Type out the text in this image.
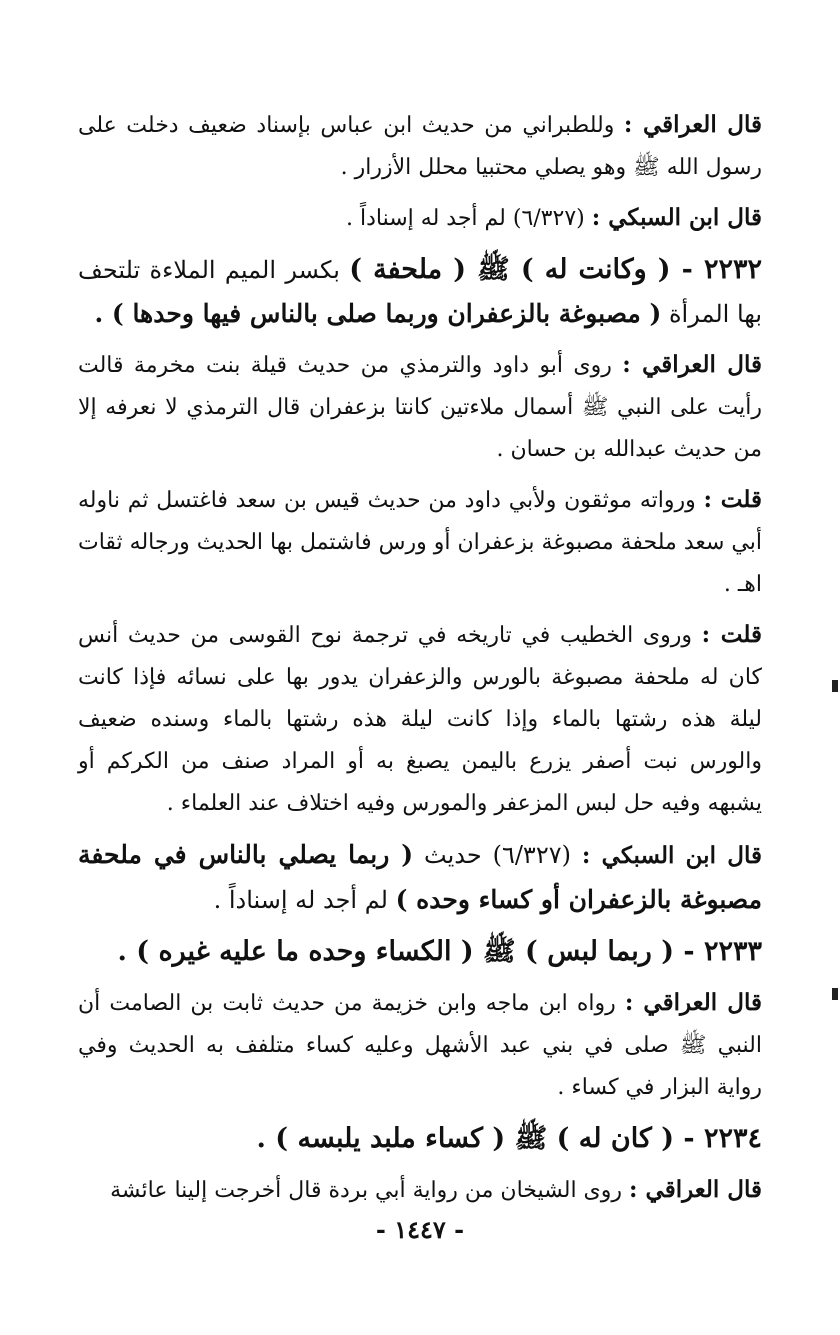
قال العراقي : وللطبراني من حديث ابن عباس بإسناد ضعيف دخلت على رسول الله ﷺ وهو يصلي محتبيا محلل الأزرار .

قال ابن السبكي : (٦/٣٢٧) لم أجد له إسناداً .

٢٢٣٢ - ( وكانت له ) ﷺ ( ملحفة ) بكسر الميم الملاءة تلتحف بها المرأة ( مصبوغة بالزعفران وربما صلى بالناس فيها وحدها ) .

قال العراقي : روى أبو داود والترمذي من حديث قيلة بنت مخرمة قالت رأيت على النبي ﷺ أسمال ملاءتين كانتا بزعفران قال الترمذي لا نعرفه إلا من حديث عبدالله بن حسان .

قلت : ورواته موثقون ولأبي داود من حديث قيس بن سعد فاغتسل ثم ناوله أبي سعد ملحفة مصبوغة بزعفران أو ورس فاشتمل بها الحديث ورجاله ثقات اهـ .

قلت : وروى الخطيب في تاريخه في ترجمة نوح القوسى من حديث أنس كان له ملحفة مصبوغة بالورس والزعفران يدور بها على نسائه فإذا كانت ليلة هذه رشتها بالماء وإذا كانت ليلة هذه رشتها بالماء وسنده ضعيف والورس نبت أصفر يزرع باليمن يصبغ به أو المراد صنف من الكركم أو يشبهه وفيه حل لبس المزعفر والمورس وفيه اختلاف عند العلماء .

قال ابن السبكي : (٦/٣٢٧) حديث ( ربما يصلي بالناس في ملحفة مصبوغة بالزعفران أو كساء وحده ) لم أجد له إسناداً .

٢٢٣٣ - ( ربما لبس ) ﷺ ( الكساء وحده ما عليه غيره ) .

قال العراقي : رواه ابن ماجه وابن خزيمة من حديث ثابت بن الصامت أن النبي ﷺ صلى في بني عبد الأشهل وعليه كساء متلفف به الحديث وفي رواية البزار في كساء .

٢٢٣٤ - ( كان له ) ﷺ ( كساء ملبد يلبسه ) .

قال العراقي : روى الشيخان من رواية أبي بردة قال أخرجت إلينا عائشة

- ١٤٤٧ -
